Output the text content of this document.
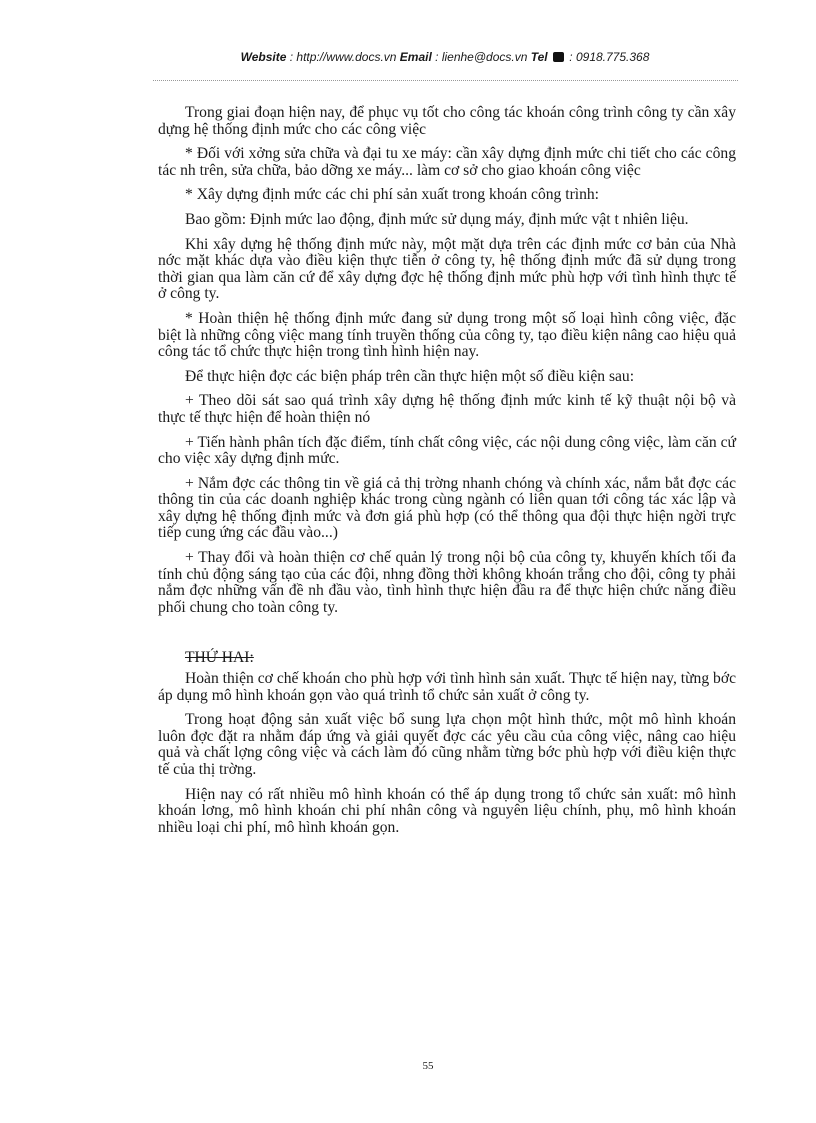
Website : http://www.docs.vn Email : lienhe@docs.vn Tel  : 0918.775.368

Trong giai đoạn hiện nay, để phục vụ tốt cho công tác khoán công trình công ty cần xây dựng hệ thống định mức cho các công việc

* Đối với xởng sửa chữa và đại tu xe máy: cần xây dựng định mức chi tiết cho các công tác nh trên, sửa chữa, bảo dỡng xe máy... làm cơ sở cho giao khoán công việc

* Xây dựng định mức các chi phí sản xuất trong khoán công trình:

Bao gồm: Định mức lao động, định mức sử dụng máy, định mức vật t nhiên liệu.

Khi xây dựng hệ thống định mức này, một mặt dựa trên các định mức cơ bản của Nhà nớc mặt khác dựa vào điều kiện thực tiễn ở công ty, hệ thống định mức đã sử dụng trong thời gian qua làm căn cứ để xây dựng đợc hệ thống định mức phù hợp với tình hình thực tế ở công ty.

* Hoàn thiện hệ thống định mức đang sử dụng trong một số loại hình công việc, đặc biệt là những công việc mang tính truyền thống của công ty, tạo điều kiện nâng cao hiệu quả công tác tổ chức thực hiện trong tình hình hiện nay.

Để thực hiện đợc các biện pháp trên cần thực hiện một số điều kiện sau:

+ Theo dõi sát sao quá trình xây dựng hệ thống định mức kinh tế kỹ thuật nội bộ và thực tế thực hiện để hoàn thiện nó

+ Tiến hành phân tích đặc điểm, tính chất công việc, các nội dung công việc, làm căn cứ cho việc xây dựng định mức.

+ Nắm đợc các thông tin về giá cả thị trờng nhanh chóng và chính xác, nắm bắt đợc các thông tin của các doanh nghiệp khác trong cùng ngành có liên quan tới công tác xác lập và xây dựng hệ thống định mức và đơn giá phù hợp (có thể thông qua đội thực hiện ngời trực tiếp cung ứng các đầu vào...)

+ Thay đổi và hoàn thiện cơ chế quản lý trong nội bộ của công ty, khuyến khích tối đa tính chủ động sáng tạo của các đội, nhng đồng thời không khoán trắng cho đội, công ty phải nắm đợc những vấn đề nh đầu vào, tình hình thực hiện đầu ra để thực hiện chức năng điều phối chung cho toàn công ty.

THỨ HAI:

Hoàn thiện cơ chế khoán cho phù hợp với tình hình sản xuất. Thực tế hiện nay, từng bớc áp dụng mô hình khoán gọn vào quá trình tổ chức sản xuất ở công ty.

Trong hoạt động sản xuất việc bổ sung lựa chọn một hình thức, một mô hình khoán luôn đợc đặt ra nhằm đáp ứng và giải quyết đợc các yêu cầu của công việc, nâng cao hiệu quả và chất lợng công việc và cách làm đó cũng nhằm từng bớc phù hợp với điều kiện thực tế của thị trờng.

Hiện nay có rất nhiều mô hình khoán có thể áp dụng trong tổ chức sản xuất: mô hình khoán lơng, mô hình khoán chi phí nhân công và nguyên liệu chính, phụ, mô hình khoán nhiều loại chi phí, mô hình khoán gọn.

55
